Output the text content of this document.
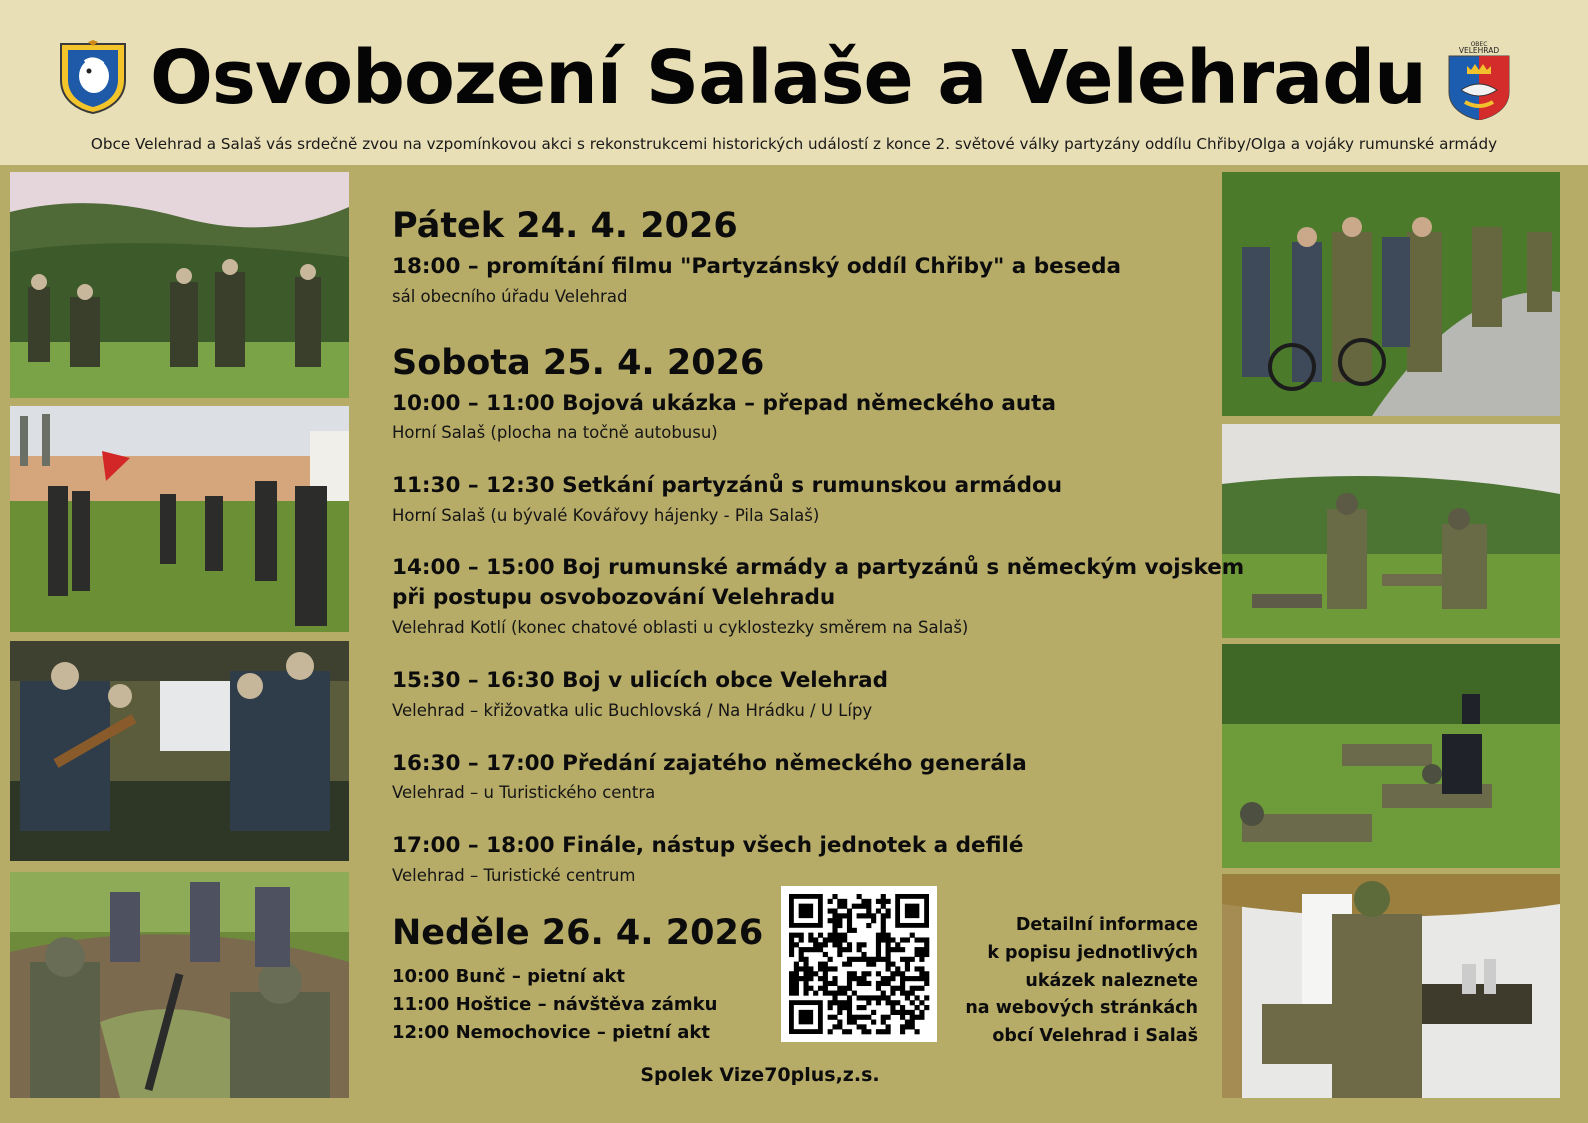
Osvobození Salaše a Velehradu	OBEC
VELEHRAD
Obce Velehrad a Salaš vás srdečně zvou na vzpomínkovou akci s rekonstrukcemi historických událostí z konce 2. světové války partyzány oddílu Chřiby/Olga a vojáky rumunské armády
Pátek 24. 4. 2026
18:00 – promítání filmu "Partyzánský oddíl Chřiby" a beseda
sál obecního úřadu Velehrad
Sobota 25. 4. 2026
10:00 – 11:00 Bojová ukázka – přepad německého auta
Horní Salaš (plocha na točně autobusu)
11:30 – 12:30 Setkání partyzánů s rumunskou armádou
Horní Salaš (u bývalé Kovářovy hájenky - Pila Salaš)
14:00 – 15:00 Boj rumunské armády a partyzánů s německým vojskem
při postupu osvobozování Velehradu
Velehrad Kotlí (konec chatové oblasti u cyklostezky směrem na Salaš)
15:30 – 16:30 Boj v ulicích obce Velehrad
Velehrad – křižovatka ulic Buchlovská / Na Hrádku / U Lípy
16:30 – 17:00 Předání zajatého německého generála
Velehrad – u Turistického centra
17:00 – 18:00 Finále, nástup všech jednotek a defilé
Velehrad – Turistické centrum
Neděle 26. 4. 2026
10:00 Bunč – pietní akt
11:00 Hoštice – návštěva zámku
12:00 Nemochovice – pietní akt
Detailní informace
k popisu jednotlivých
ukázek naleznete
na webových stránkách
obcí Velehrad i Salaš
Spolek Vize70plus,z.s.
